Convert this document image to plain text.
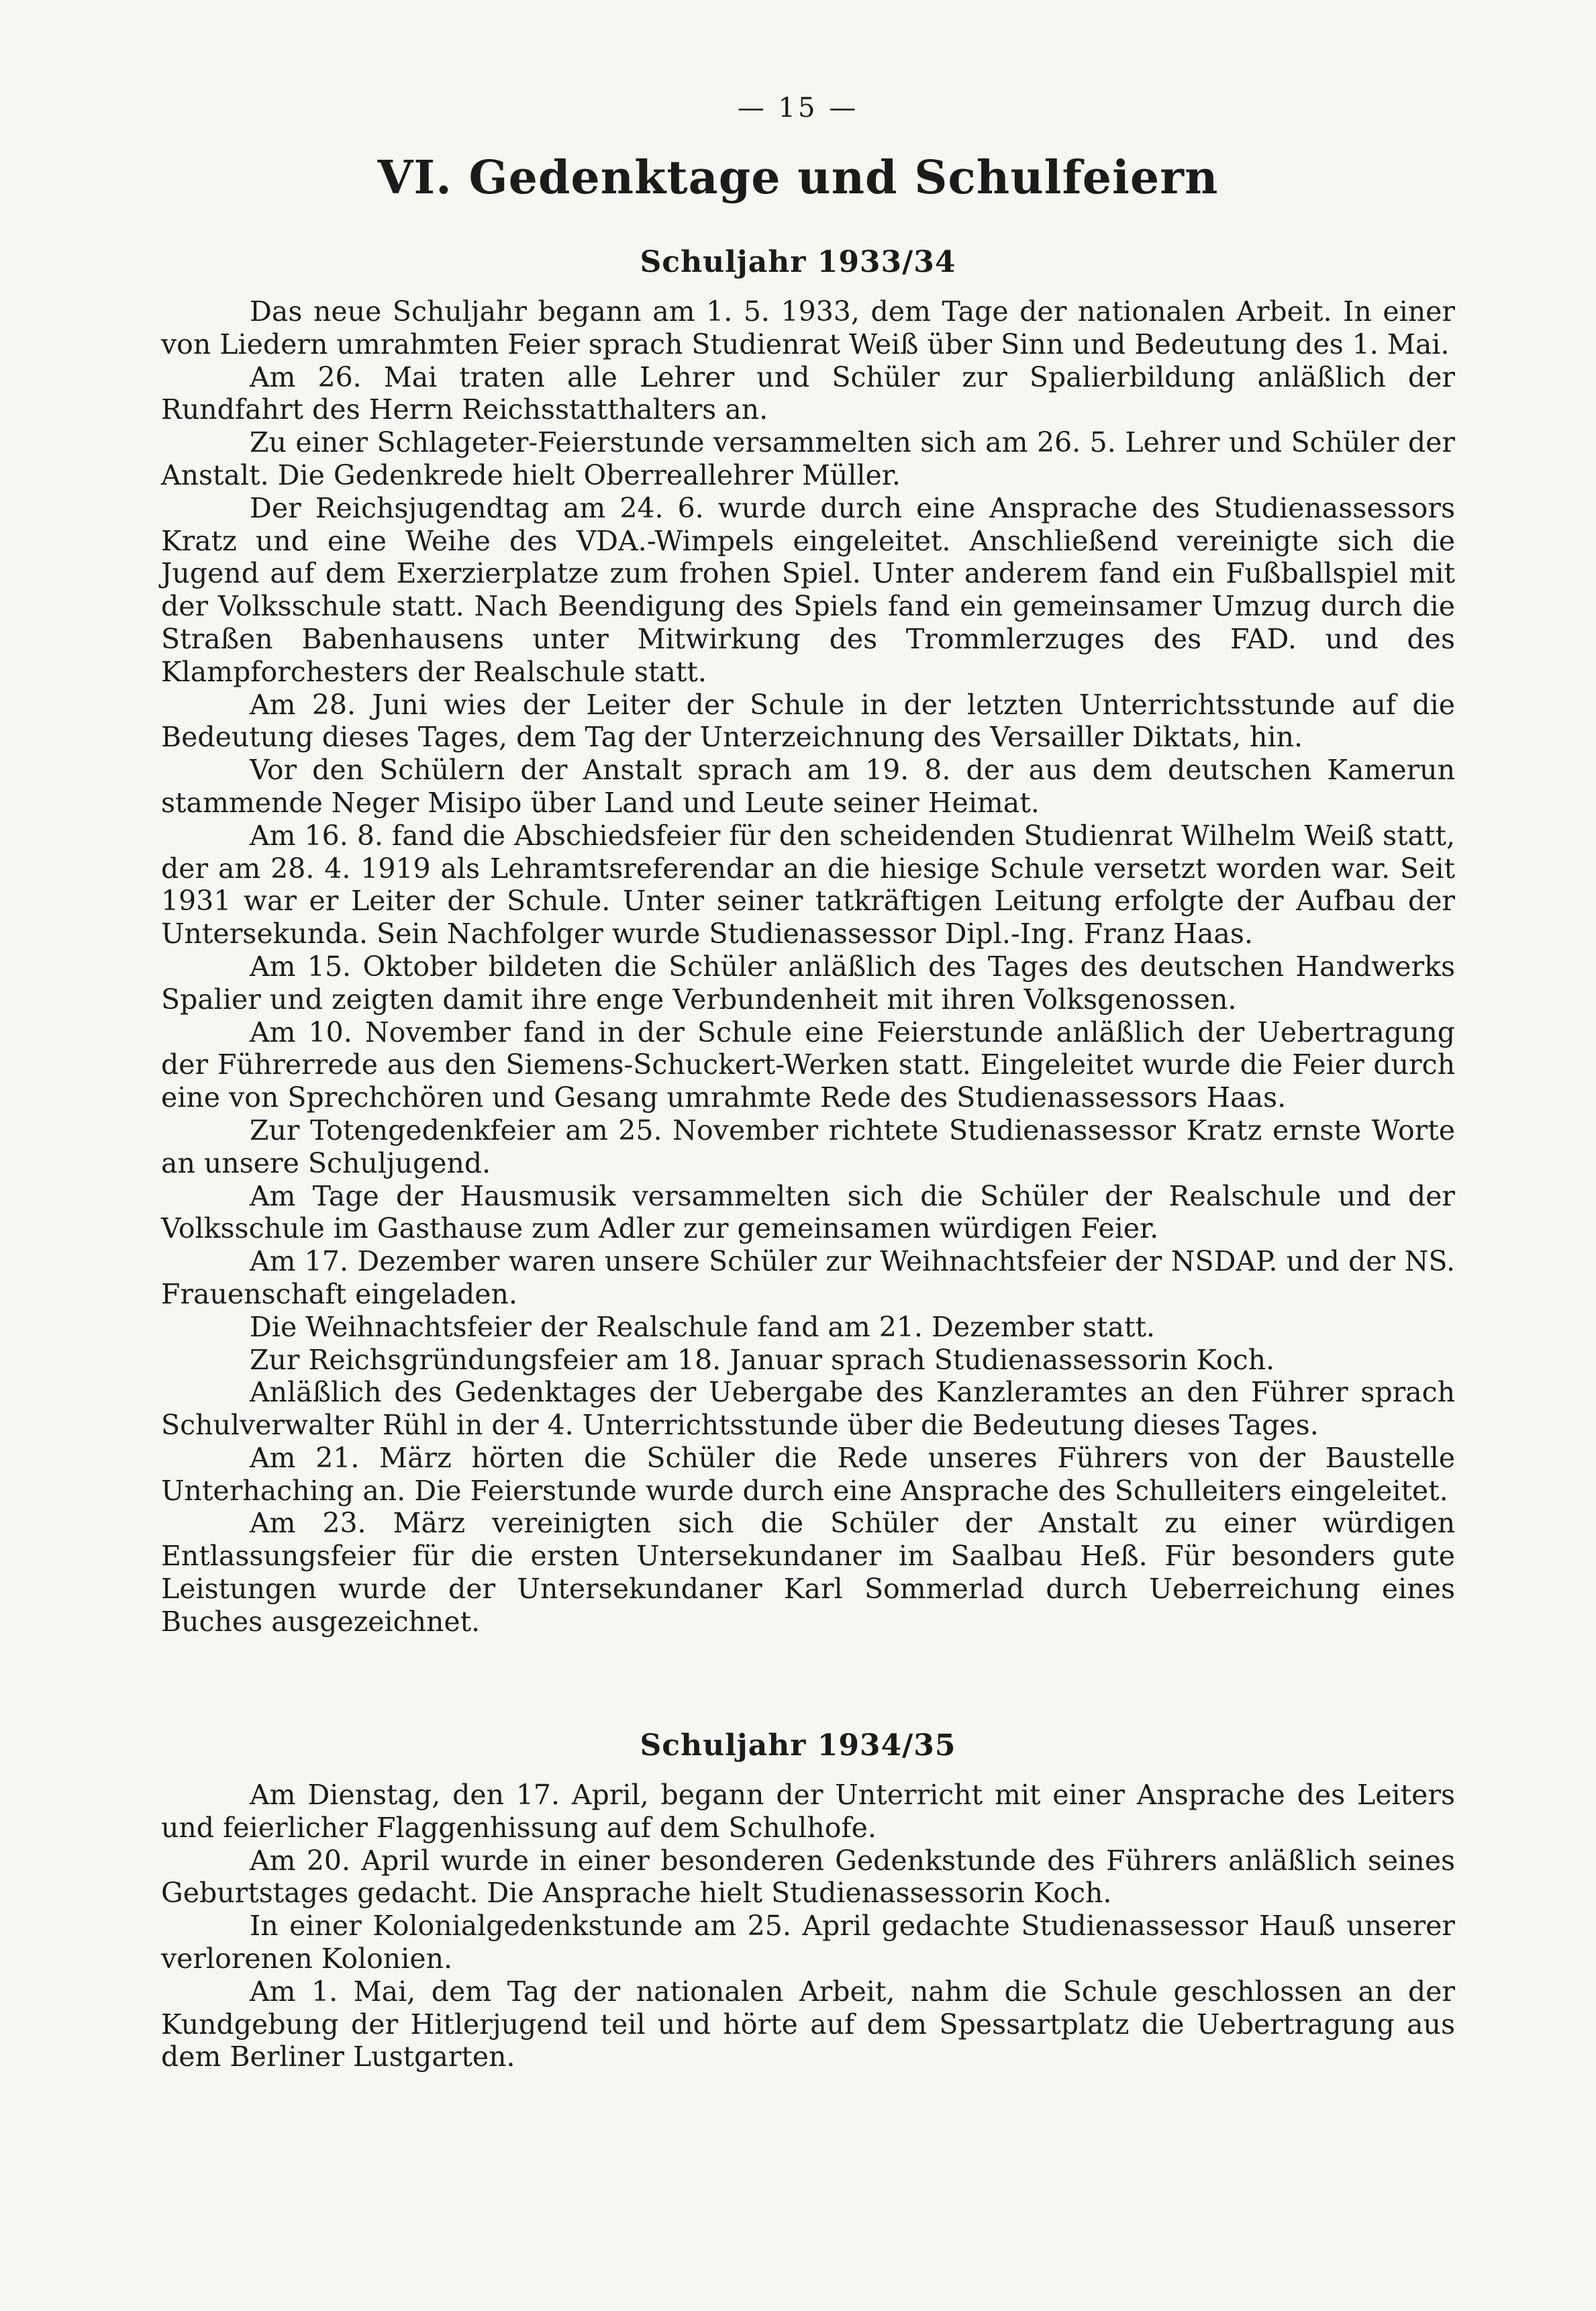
— 15 —
VI. Gedenktage und Schulfeiern
Schuljahr 1933/34

Das neue Schuljahr begann am 1. 5. 1933, dem Tage der nationalen Arbeit. In einer von Liedern umrahmten Feier sprach Studienrat Weiß über Sinn und Bedeutung des 1. Mai.

Am 26. Mai traten alle Lehrer und Schüler zur Spalierbildung anläßlich der Rundfahrt des Herrn Reichsstatthalters an.

Zu einer Schlageter-Feierstunde versammelten sich am 26. 5. Lehrer und Schüler der Anstalt. Die Gedenkrede hielt Oberreallehrer Müller.

Der Reichsjugendtag am 24. 6. wurde durch eine Ansprache des Studienassessors Kratz und eine Weihe des VDA.-Wimpels eingeleitet. Anschließend vereinigte sich die Jugend auf dem Exerzierplatze zum frohen Spiel. Unter anderem fand ein Fußballspiel mit der Volksschule statt. Nach Beendigung des Spiels fand ein gemeinsamer Umzug durch die Straßen Babenhausens unter Mitwirkung des Trommlerzuges des FAD. und des Klampforchesters der Realschule statt.

Am 28. Juni wies der Leiter der Schule in der letzten Unterrichtsstunde auf die Bedeutung dieses Tages, dem Tag der Unterzeichnung des Versailler Diktats, hin.

Vor den Schülern der Anstalt sprach am 19. 8. der aus dem deutschen Kamerun stammende Neger Misipo über Land und Leute seiner Heimat.

Am 16. 8. fand die Abschiedsfeier für den scheidenden Studienrat Wilhelm Weiß statt, der am 28. 4. 1919 als Lehramtsreferendar an die hiesige Schule versetzt worden war. Seit 1931 war er Leiter der Schule. Unter seiner tatkräftigen Leitung erfolgte der Aufbau der Untersekunda. Sein Nachfolger wurde Studienassessor Dipl.-Ing. Franz Haas.

Am 15. Oktober bildeten die Schüler anläßlich des Tages des deutschen Handwerks Spalier und zeigten damit ihre enge Verbundenheit mit ihren Volksgenossen.

Am 10. November fand in der Schule eine Feierstunde anläßlich der Uebertragung der Führerrede aus den Siemens-Schuckert-Werken statt. Eingeleitet wurde die Feier durch eine von Sprechchören und Gesang umrahmte Rede des Studienassessors Haas.

Zur Totengedenkfeier am 25. November richtete Studienassessor Kratz ernste Worte an unsere Schuljugend.

Am Tage der Hausmusik versammelten sich die Schüler der Realschule und der Volksschule im Gasthause zum Adler zur gemeinsamen würdigen Feier.

Am 17. Dezember waren unsere Schüler zur Weihnachtsfeier der NSDAP. und der NS. Frauenschaft eingeladen.

Die Weihnachtsfeier der Realschule fand am 21. Dezember statt.

Zur Reichsgründungsfeier am 18. Januar sprach Studienassessorin Koch.

Anläßlich des Gedenktages der Uebergabe des Kanzleramtes an den Führer sprach Schulverwalter Rühl in der 4. Unterrichtsstunde über die Bedeutung dieses Tages.

Am 21. März hörten die Schüler die Rede unseres Führers von der Baustelle Unterhaching an. Die Feierstunde wurde durch eine Ansprache des Schulleiters eingeleitet.

Am 23. März vereinigten sich die Schüler der Anstalt zu einer würdigen Entlassungsfeier für die ersten Untersekundaner im Saalbau Heß. Für besonders gute Leistungen wurde der Untersekundaner Karl Sommerlad durch Ueberreichung eines Buches ausgezeichnet.

Schuljahr 1934/35

Am Dienstag, den 17. April, begann der Unterricht mit einer Ansprache des Leiters und feierlicher Flaggenhissung auf dem Schulhofe.

Am 20. April wurde in einer besonderen Gedenkstunde des Führers anläßlich seines Geburtstages gedacht. Die Ansprache hielt Studienassessorin Koch.

In einer Kolonialgedenkstunde am 25. April gedachte Studienassessor Hauß unserer verlorenen Kolonien.

Am 1. Mai, dem Tag der nationalen Arbeit, nahm die Schule geschlossen an der Kundgebung der Hitlerjugend teil und hörte auf dem Spessartplatz die Uebertragung aus dem Berliner Lustgarten.
